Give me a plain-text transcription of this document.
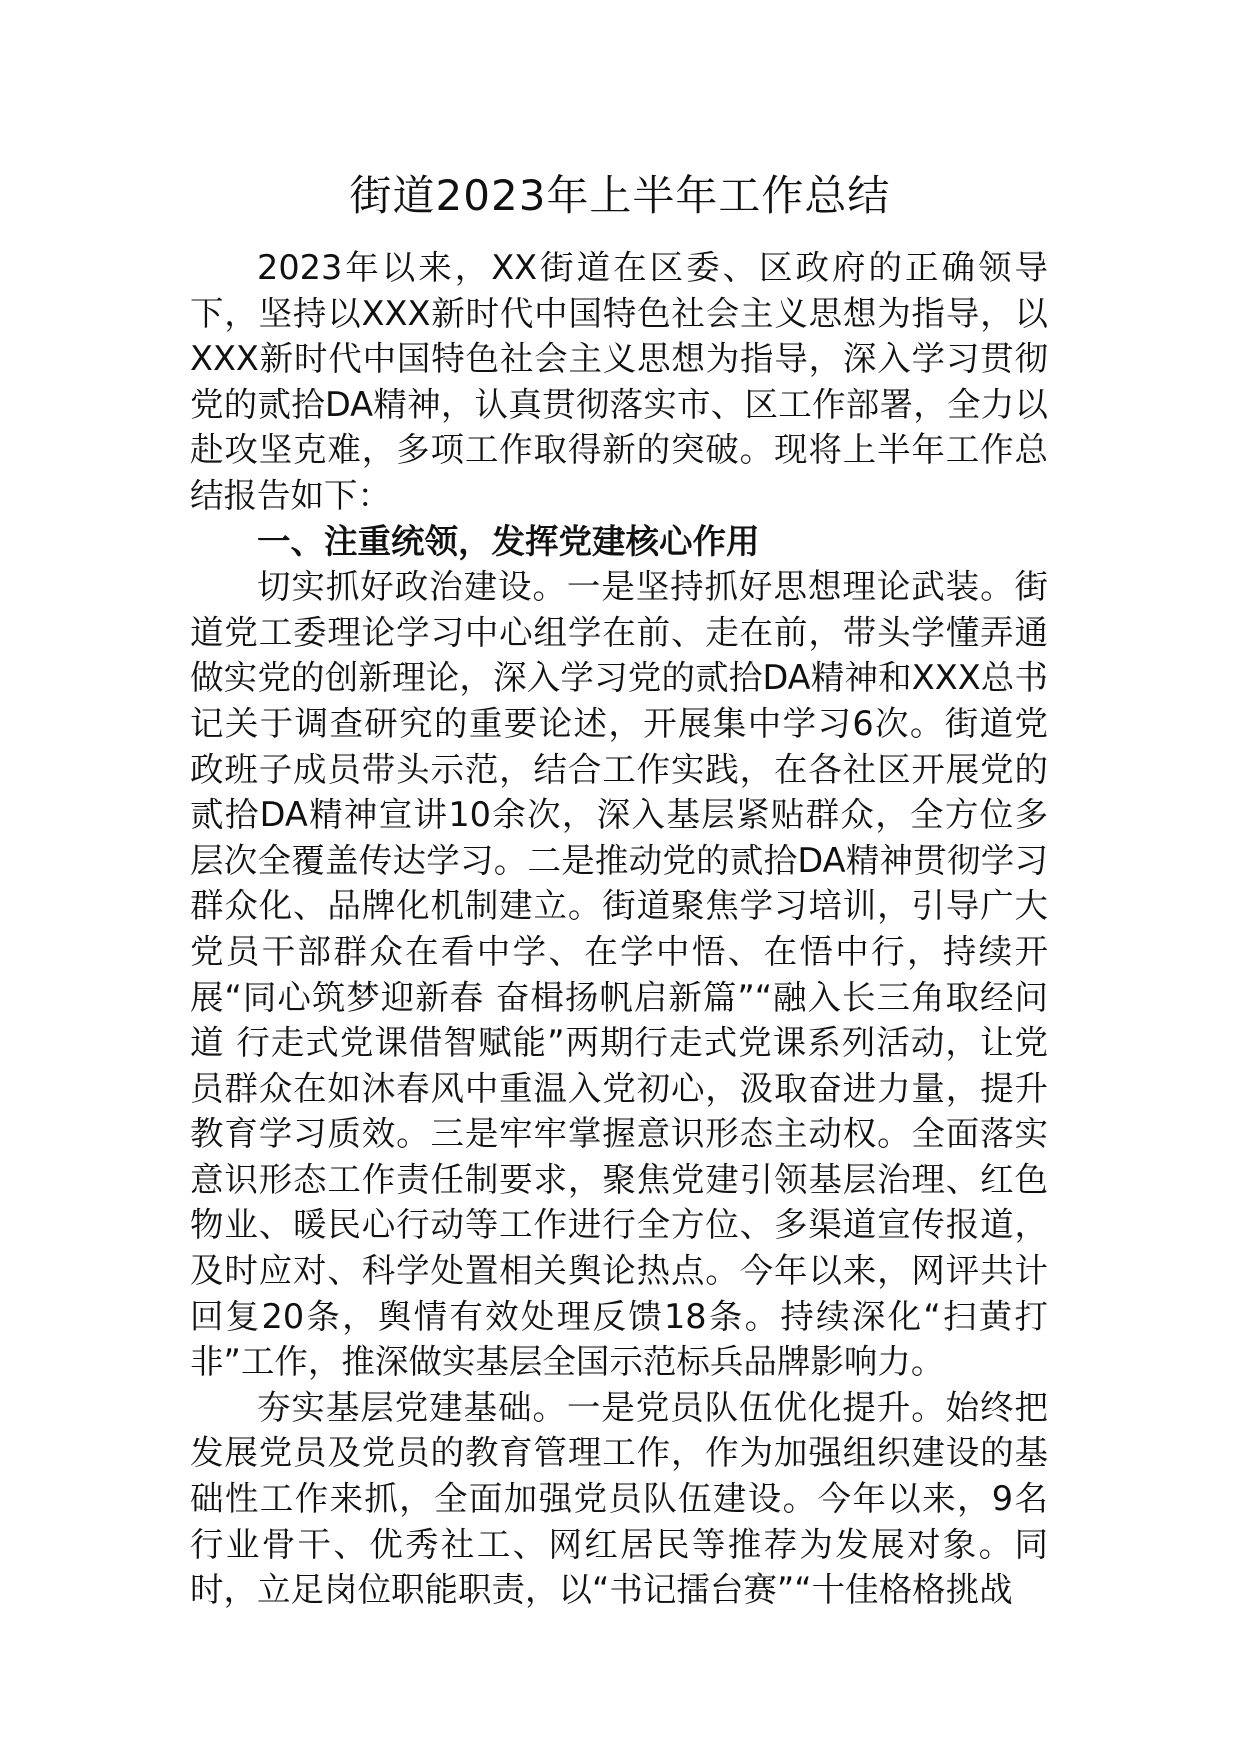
街道2023年上半年工作总结

2023年以来，XX街道在区委、区政府的正确领导下，坚持以XXX新时代中国特色社会主义思想为指导，以XXX新时代中国特色社会主义思想为指导，深入学习贯彻党的贰拾DA精神，认真贯彻落实市、区工作部署，全力以赴攻坚克难，多项工作取得新的突破。现将上半年工作总结报告如下：

一、注重统领，发挥党建核心作用

切实抓好政治建设。一是坚持抓好思想理论武装。街道党工委理论学习中心组学在前、走在前，带头学懂弄通做实党的创新理论，深入学习党的贰拾DA精神和XXX总书记关于调查研究的重要论述，开展集中学习6次。街道党政班子成员带头示范，结合工作实践，在各社区开展党的贰拾DA精神宣讲10余次，深入基层紧贴群众，全方位多层次全覆盖传达学习。二是推动党的贰拾DA精神贯彻学习群众化、品牌化机制建立。街道聚焦学习培训，引导广大党员干部群众在看中学、在学中悟、在悟中行，持续开展“同心筑梦迎新春 奋楫扬帆启新篇”“融入长三角取经问道 行走式党课借智赋能”两期行走式党课系列活动，让党员群众在如沐春风中重温入党初心，汲取奋进力量，提升教育学习质效。三是牢牢掌握意识形态主动权。全面落实意识形态工作责任制要求，聚焦党建引领基层治理、红色物业、暖民心行动等工作进行全方位、多渠道宣传报道，及时应对、科学处置相关舆论热点。今年以来，网评共计回复20条，舆情有效处理反馈18条。持续深化“扫黄打非”工作，推深做实基层全国示范标兵品牌影响力。

夯实基层党建基础。一是党员队伍优化提升。始终把发展党员及党员的教育管理工作，作为加强组织建设的基础性工作来抓，全面加强党员队伍建设。今年以来，9名行业骨干、优秀社工、网红居民等推荐为发展对象。同时，立足岗位职能职责，以“书记擂台赛”“十佳格格挑战
